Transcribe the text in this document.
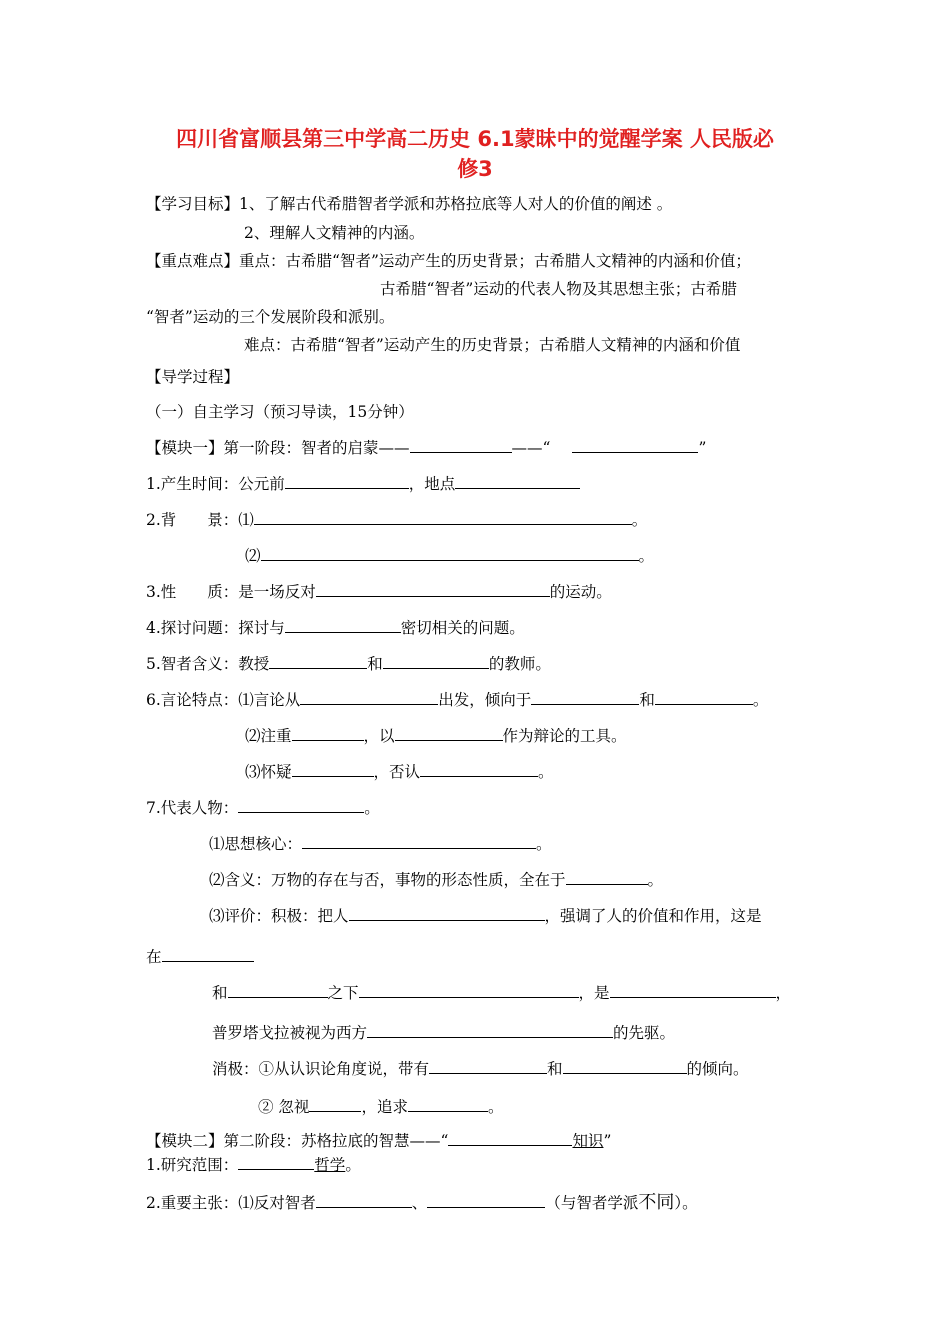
四川省富顺县第三中学高二历史 6.1蒙昧中的觉醒学案 人民版必
修3
【学习目标】1、了解古代希腊智者学派和苏格拉底等人对人的价值的阐述 。
2、理解人文精神的内涵。
【重点难点】重点：古希腊“智者”运动产生的历史背景；古希腊人文精神的内涵和价值；
古希腊“智者”运动的代表人物及其思想主张；古希腊
“智者”运动的三个发展阶段和派别。
难点：古希腊“智者”运动产生的历史背景；古希腊人文精神的内涵和价值
【导学过程】
（一）自主学习（预习导读，15分钟）
【模块一】第一阶段：智者的启蒙——	——“	”
1.产生时间：公元前	，地点
2.背　　景：⑴	。
⑵	。
3.性　　质：是一场反对	的运动。
4.探讨问题：探讨与	密切相关的问题。
5.智者含义：教授	和	的教师。
6.言论特点：⑴言论从	出发，倾向于	和	。
⑵注重	，以	作为辩论的工具。
⑶怀疑	，否认	。
7.代表人物：	。
⑴思想核心：	。
⑵含义：万物的存在与否，事物的形态性质，全在于	。
⑶评价：积极：把人	，强调了人的价值和作用，这是
在
和	之下	，是	，
普罗塔戈拉被视为西方	的先驱。
消极：①从认识论角度说，带有	和	的倾向。
② 忽视	，追求	。
【模块二】第二阶段：苏格拉底的智慧——“	知识”
1.研究范围：	哲学。
2.重要主张：⑴反对智者	、	（与智者学派不同）。
